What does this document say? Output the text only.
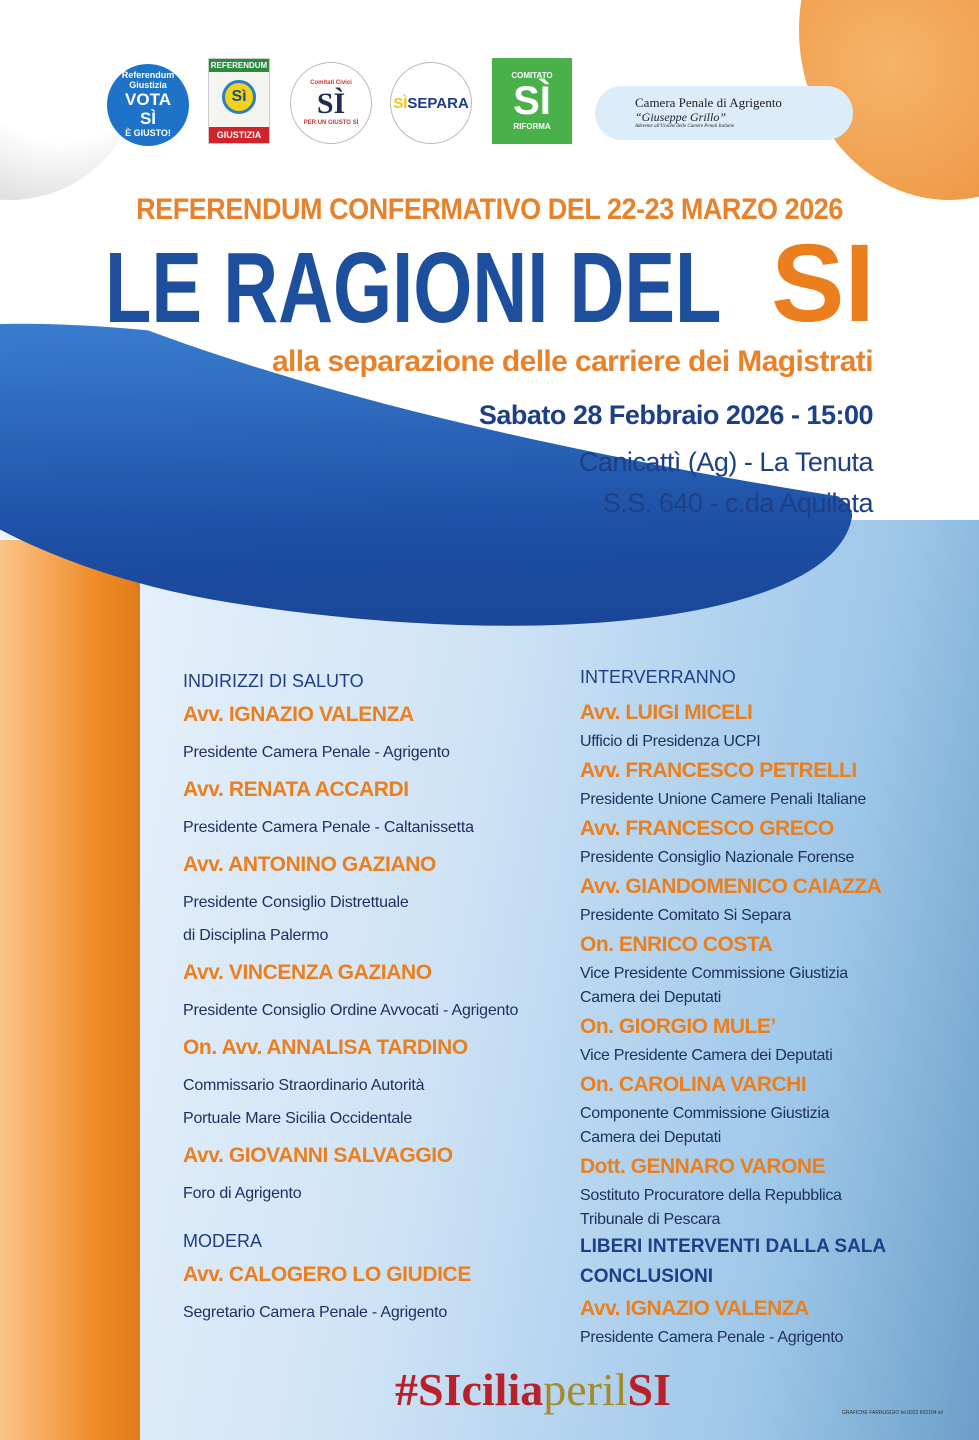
Referendum Giustizia
VOTA
SÌ
È GIUSTO!
REFERENDUM
Sì
GIUSTIZIA
Comitati Civici
SÌ
PER UN GIUSTO SÌ
SÌSEPARA
COMITATO
SÌ
RIFORMA
Camera Penale di Agrigento
“Giuseppe Grillo”
Aderente all'Unione delle Camere Penali Italiane
REFERENDUM CONFERMATIVO DEL 22-23 MARZO 2026
LE RAGIONI DEL SI
alla separazione delle carriere dei Magistrati
Sabato 28 Febbraio 2026 - 15:00
Canicattì (Ag) - La Tenuta
S.S. 640 - c.da Aquilata
INDIRIZZI DI SALUTO
Avv. IGNAZIO VALENZA
Presidente Camera Penale - Agrigento
Avv. RENATA ACCARDI
Presidente Camera Penale - Caltanissetta
Avv. ANTONINO GAZIANO
Presidente Consiglio Distrettuale
di Disciplina Palermo
Avv. VINCENZA GAZIANO
Presidente Consiglio Ordine Avvocati - Agrigento
On. Avv. ANNALISA TARDINO
Commissario Straordinario Autorità
Portuale Mare Sicilia Occidentale
Avv. GIOVANNI SALVAGGIO
Foro di Agrigento
MODERA
Avv. CALOGERO LO GIUDICE
Segretario Camera Penale - Agrigento
INTERVERRANNO
Avv. LUIGI MICELI
Ufficio di Presidenza UCPI
Avv. FRANCESCO PETRELLI
Presidente Unione Camere Penali Italiane
Avv. FRANCESCO GRECO
Presidente Consiglio Nazionale Forense
Avv. GIANDOMENICO CAIAZZA
Presidente Comitato Si Separa
On. ENRICO COSTA
Vice Presidente Commissione Giustizia
Camera dei Deputati
On. GIORGIO MULE’
Vice Presidente Camera dei Deputati
On. CAROLINA VARCHI
Componente Commissione Giustizia
Camera dei Deputati
Dott. GENNARO VARONE
Sostituto Procuratore della Repubblica
Tribunale di Pescara
LIBERI INTERVENTI DALLA SALA
CONCLUSIONI
Avv. IGNAZIO VALENZA
Presidente Camera Penale - Agrigento
#SIciliaperilSI	GRAFICHE FARRUGGIO tel.0922 602104 srl
